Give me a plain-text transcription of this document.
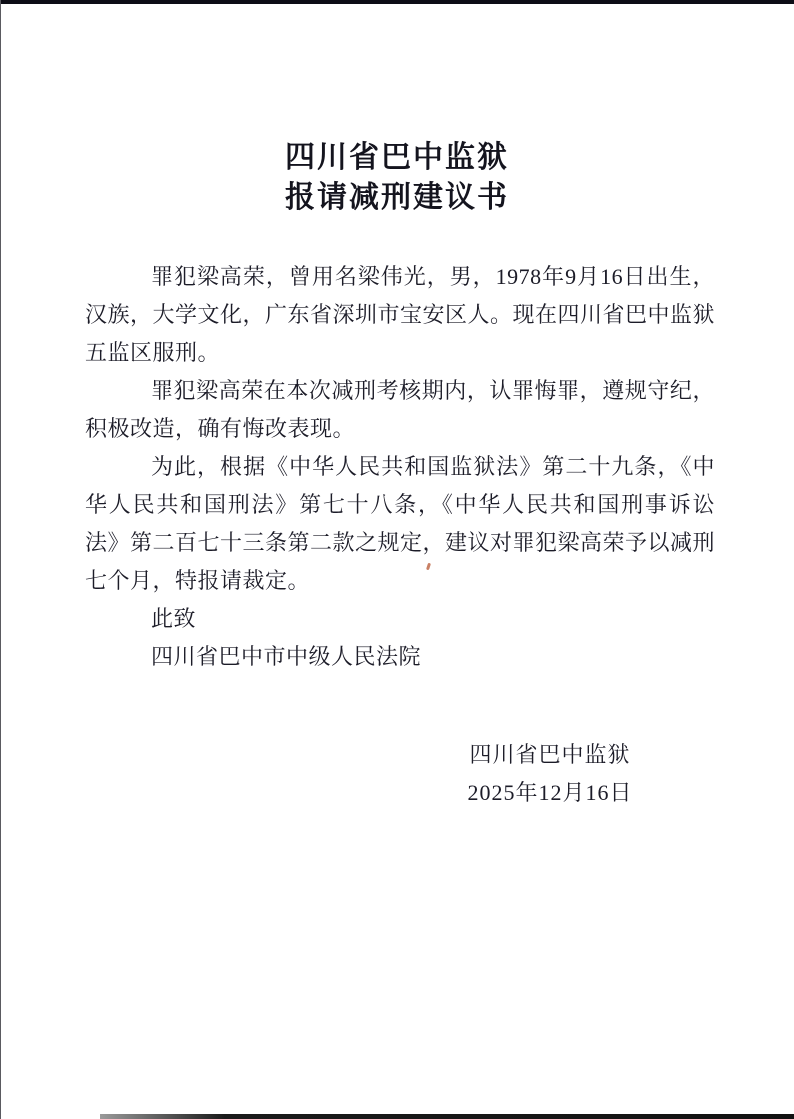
四川省巴中监狱
报请减刑建议书

罪犯梁高荣，曾用名梁伟光，男，1978年9月16日出生，汉族，大学文化，广东省深圳市宝安区人。现在四川省巴中监狱五监区服刑。

罪犯梁高荣在本次减刑考核期内，认罪悔罪，遵规守纪，积极改造，确有悔改表现。

为此，根据《中华人民共和国监狱法》第二十九条，《中华人民共和国刑法》第七十八条，《中华人民共和国刑事诉讼法》第二百七十三条第二款之规定，建议对罪犯梁高荣予以减刑七个月，特报请裁定。

此致

四川省巴中市中级人民法院

四川省巴中监狱
2025年12月16日
